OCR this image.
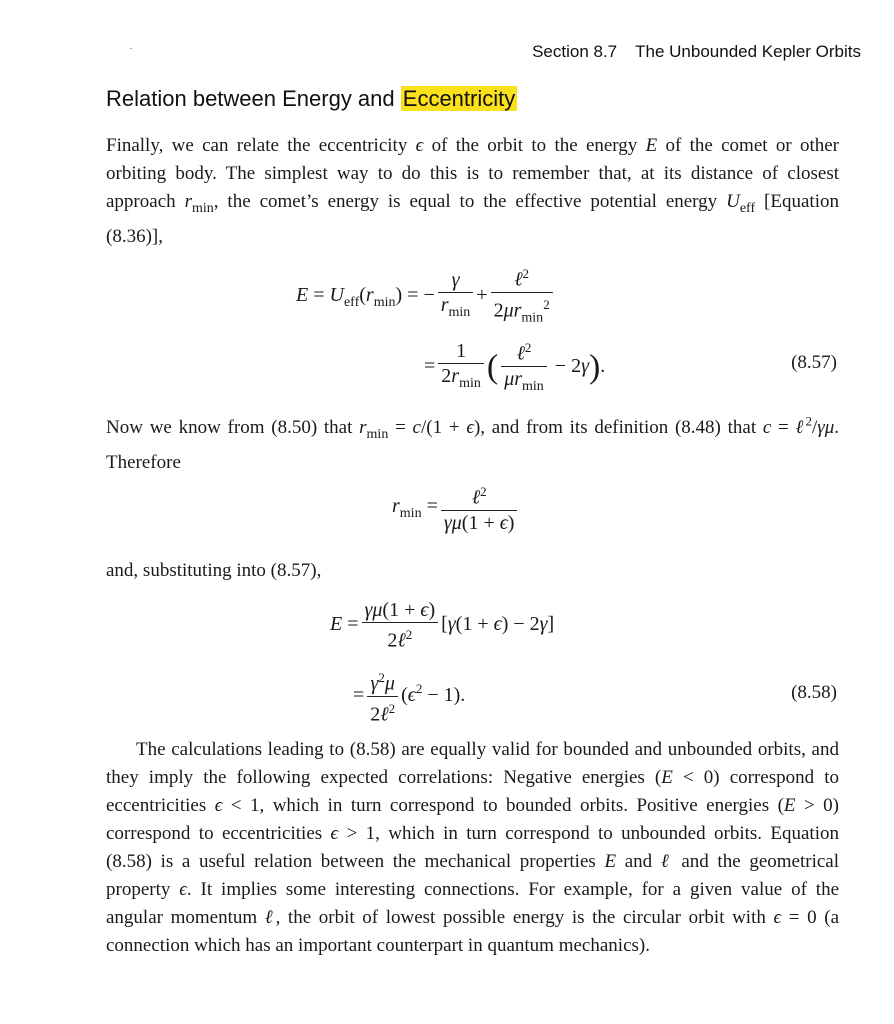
Section 8.7 The Unbounded Kepler Orbits
Relation between Energy and Eccentricity

Finally, we can relate the eccentricity ϵ of the orbit to the energy E of the comet or other orbiting body. The simplest way to do this is to remember that, at its distance of closest approach $r_{min}$, the comet’s energy is equal to the effective potential energy $U_{eff}$ [Equation (8.36)],

$E = U_{eff}(r_{min})$ = − $\frac{\gamma}{r_{min}} + \frac{\ell^2}{2\mu r_{min}^2}$
= $\frac{1}{2r_{min}}$ ( $\frac{\ell^2}{\mu r_{min}} - 2\gamma$).	(8.57)

Now we know from (8.50) that $r_{min} = c/(1 + \epsilon)$, and from its definition (8.48) that c = ℓ$^2$/γμ. Therefore

$r_{min} = \frac{\ell^2}{\gamma\mu(1 + \epsilon)}$

and, substituting into (8.57),

$E = \frac{\gamma\mu(1 + \epsilon)}{2\ell^2} [\gamma(1 + \epsilon) - 2\gamma]$
= $\frac{\gamma^2\mu}{2\ell^2} (\epsilon^2 - 1)$.	(8.58)

The calculations leading to (8.58) are equally valid for bounded and unbounded orbits, and they imply the following expected correlations: Negative energies (E < 0) correspond to eccentricities ϵ < 1, which in turn correspond to bounded orbits. Positive energies (E > 0) correspond to eccentricities ϵ > 1, which in turn correspond to unbounded orbits. Equation (8.58) is a useful relation between the mechanical properties E and ℓ and the geometrical property ϵ. It implies some interesting connections. For example, for a given value of the angular momentum ℓ, the orbit of lowest possible energy is the circular orbit with ϵ = 0 (a connection which has an important counterpart in quantum mechanics).
